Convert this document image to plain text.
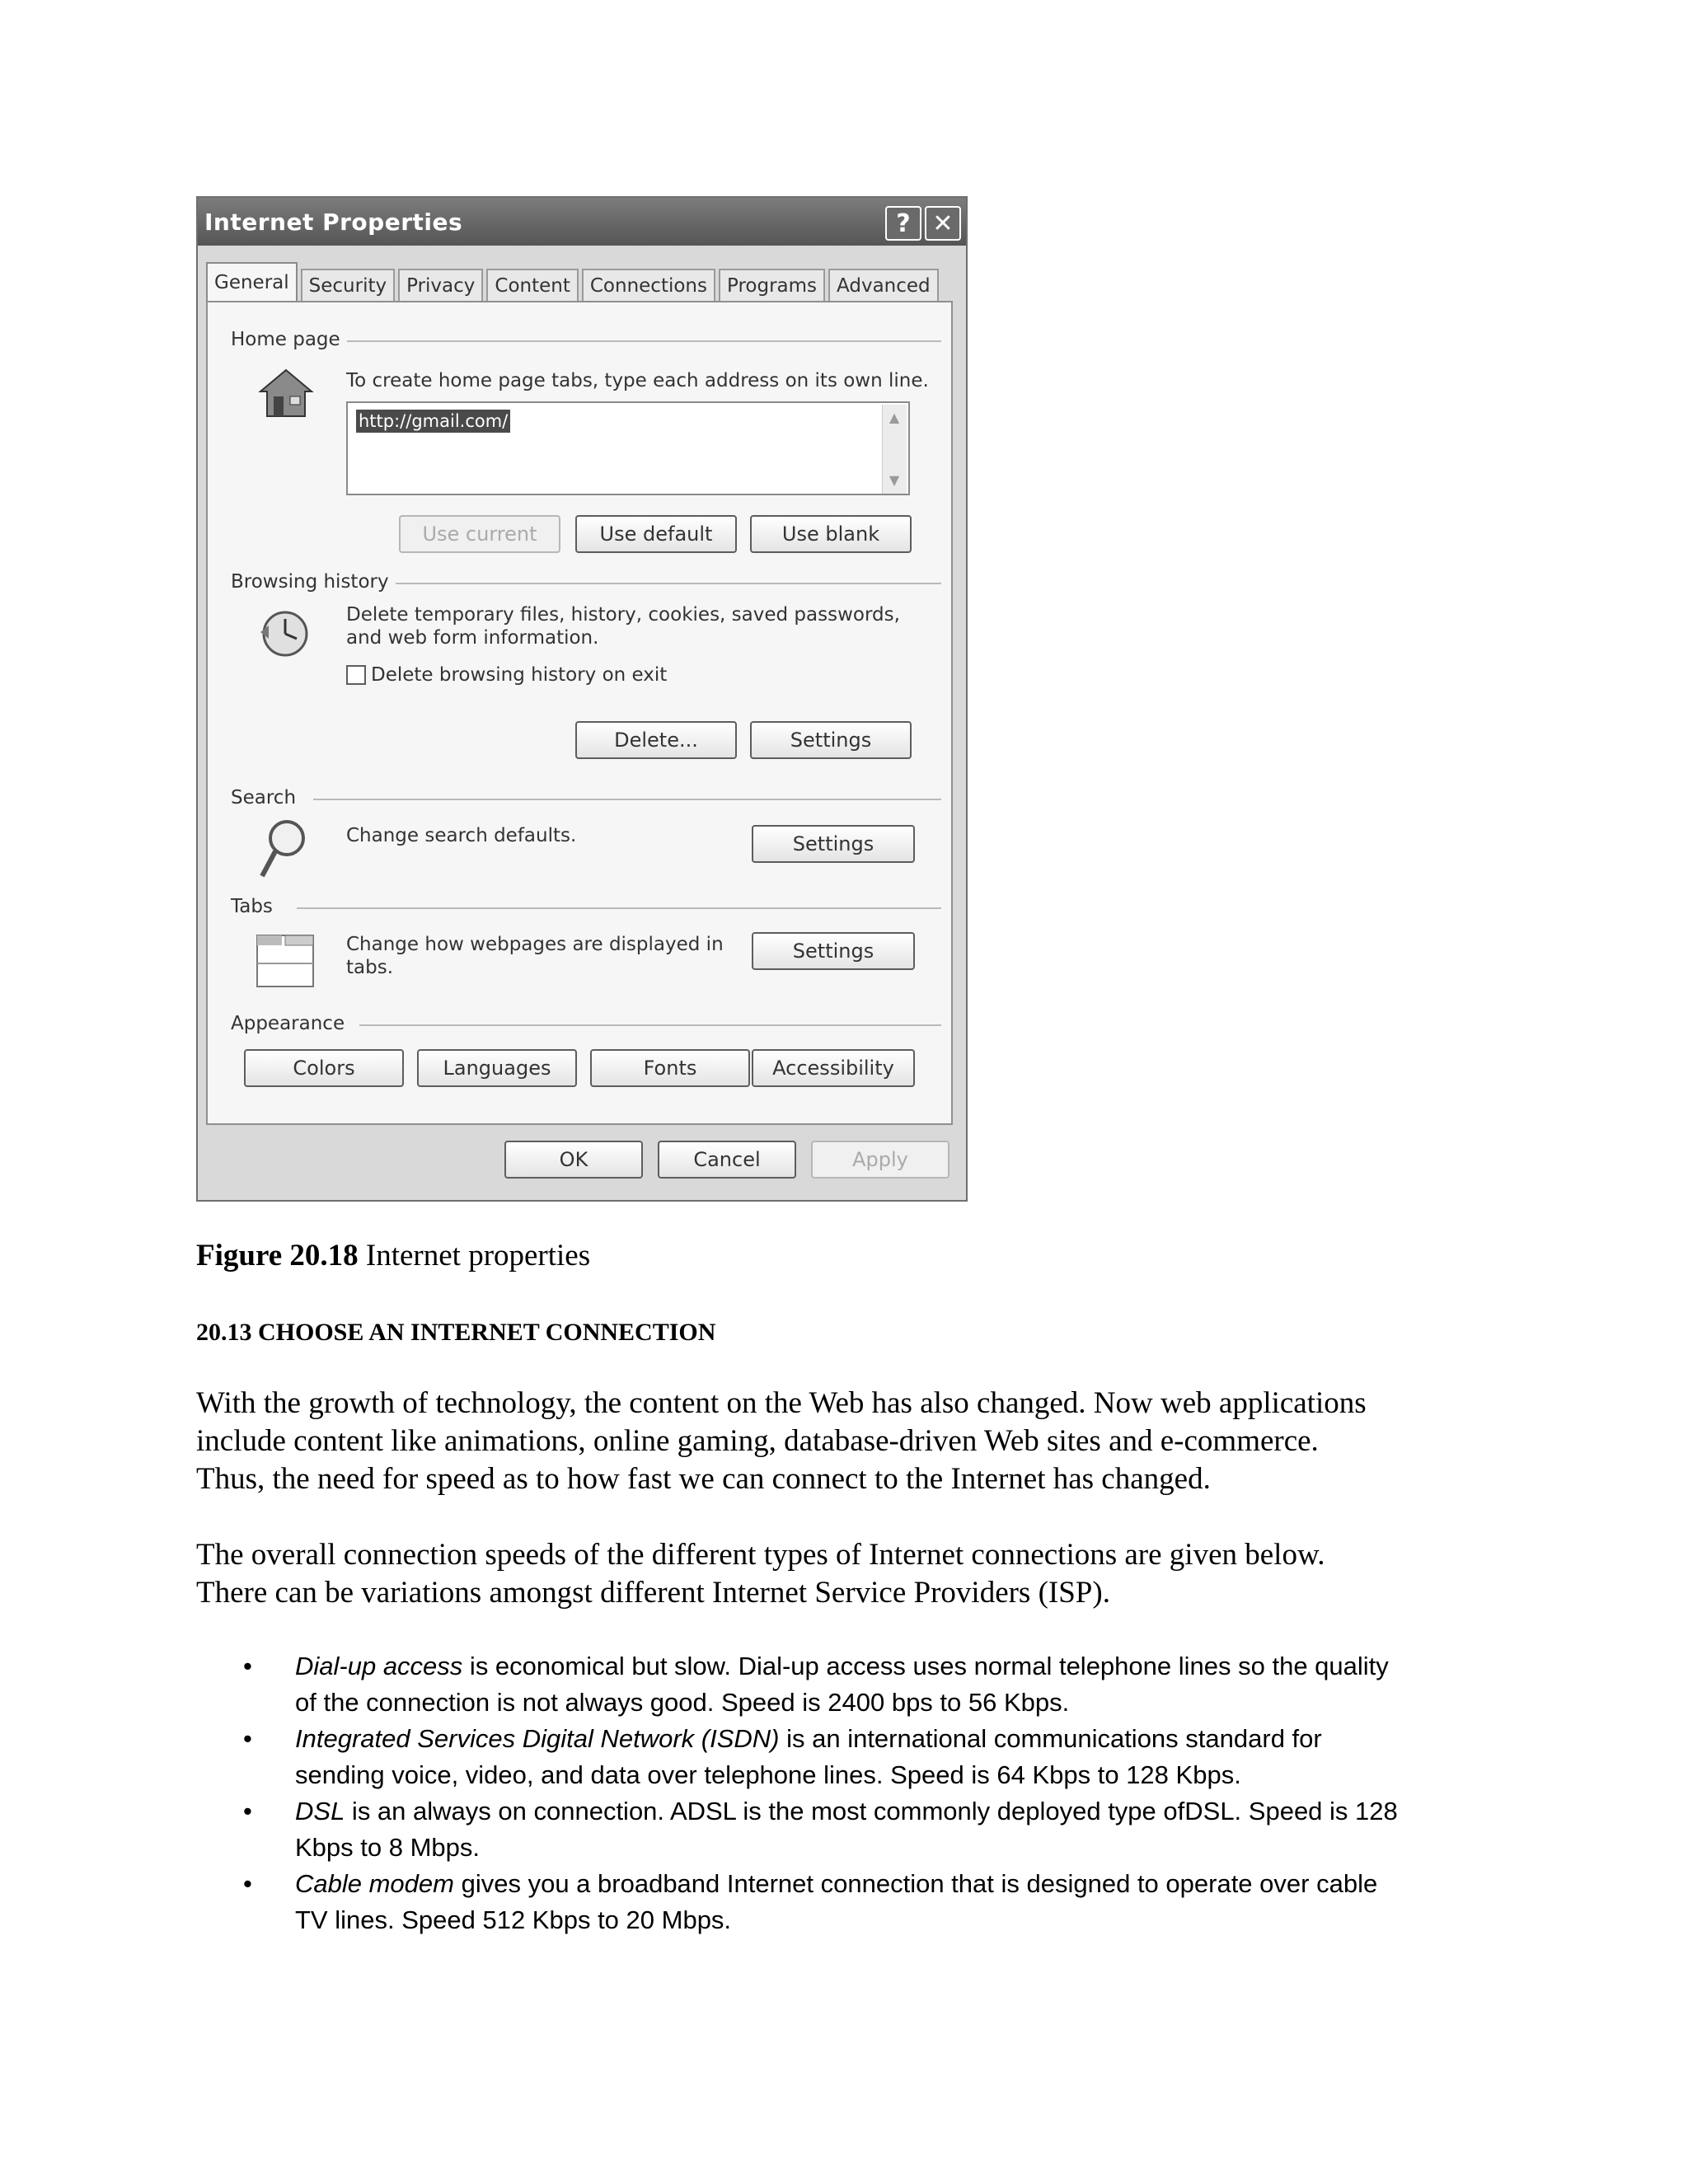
Internet Properties	? ✕
General	Security	Privacy	Content	Connections	Programs	Advanced
Home page
To create home page tabs, type each address on its own line.
http://gmail.com/	▲
▼
Use current	Use default	Use blank
Browsing history
Delete temporary files, history, cookies, saved passwords,
and web form information.
Delete browsing history on exit
Delete...	Settings
Search
Change search defaults.	Settings
Tabs
Change how webpages are displayed in
tabs.
Settings
Appearance
Colors	Languages	Fonts	Accessibility
OK	Cancel	Apply
Figure 20.18 Internet properties
20.13 CHOOSE AN INTERNET CONNECTION
With the growth of technology, the content on the Web has also changed. Now web applications
include content like animations, online gaming, database-driven Web sites and e-commerce.
Thus, the need for speed as to how fast we can connect to the Internet has changed.
The overall connection speeds of the different types of Internet connections are given below.
There can be variations amongst different Internet Service Providers (ISP).
• Dial-up access is economical but slow. Dial-up access uses normal telephone lines so the quality
of the connection is not always good. Speed is 2400 bps to 56 Kbps.
• Integrated Services Digital Network (ISDN) is an international communications standard for
sending voice, video, and data over telephone lines. Speed is 64 Kbps to 128 Kbps.
• DSL is an always on connection. ADSL is the most commonly deployed type ofDSL. Speed is 128
Kbps to 8 Mbps.
• Cable modem gives you a broadband Internet connection that is designed to operate over cable
TV lines. Speed 512 Kbps to 20 Mbps.
